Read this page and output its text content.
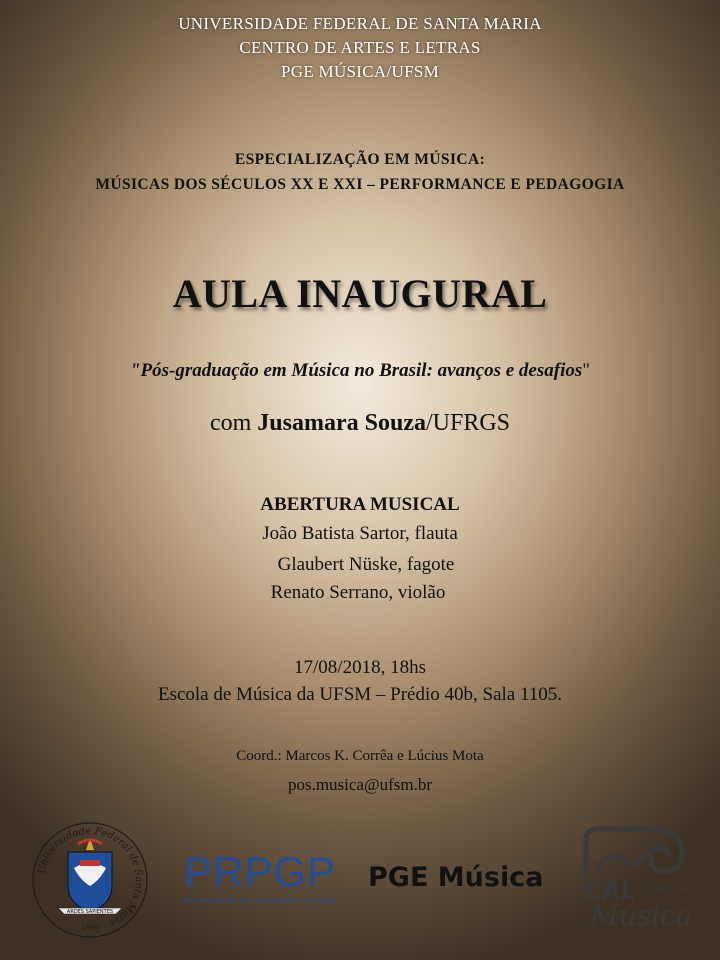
UNIVERSIDADE FEDERAL DE SANTA MARIA
CENTRO DE ARTES E LETRAS
PGE MÚSICA/UFSM
ESPECIALIZAÇÃO EM MÚSICA:
MÚSICAS DOS SÉCULOS XX E XXI – PERFORMANCE E PEDAGOGIA
AULA INAUGURAL
"Pós-graduação em Música no Brasil: avanços e desafios"
com Jusamara Souza/UFRGS
ABERTURA MUSICAL
João Batista Sartor, flauta
Glaubert Nüske, fagote
Renato Serrano, violão
17/08/2018, 18hs
Escola de Música da UFSM – Prédio 40b, Sala 1105.
Coord.: Marcos K. Corrêa e Lúcius Mota
pos.musica@ufsm.br
Universidade Federal de Santa Maria
ARDES SAPIENTES
1960
PRPGP
Pró-Reitoria de Pós-Graduação e Pesquisa
PGE Música	CAL 55 anos de
Música
